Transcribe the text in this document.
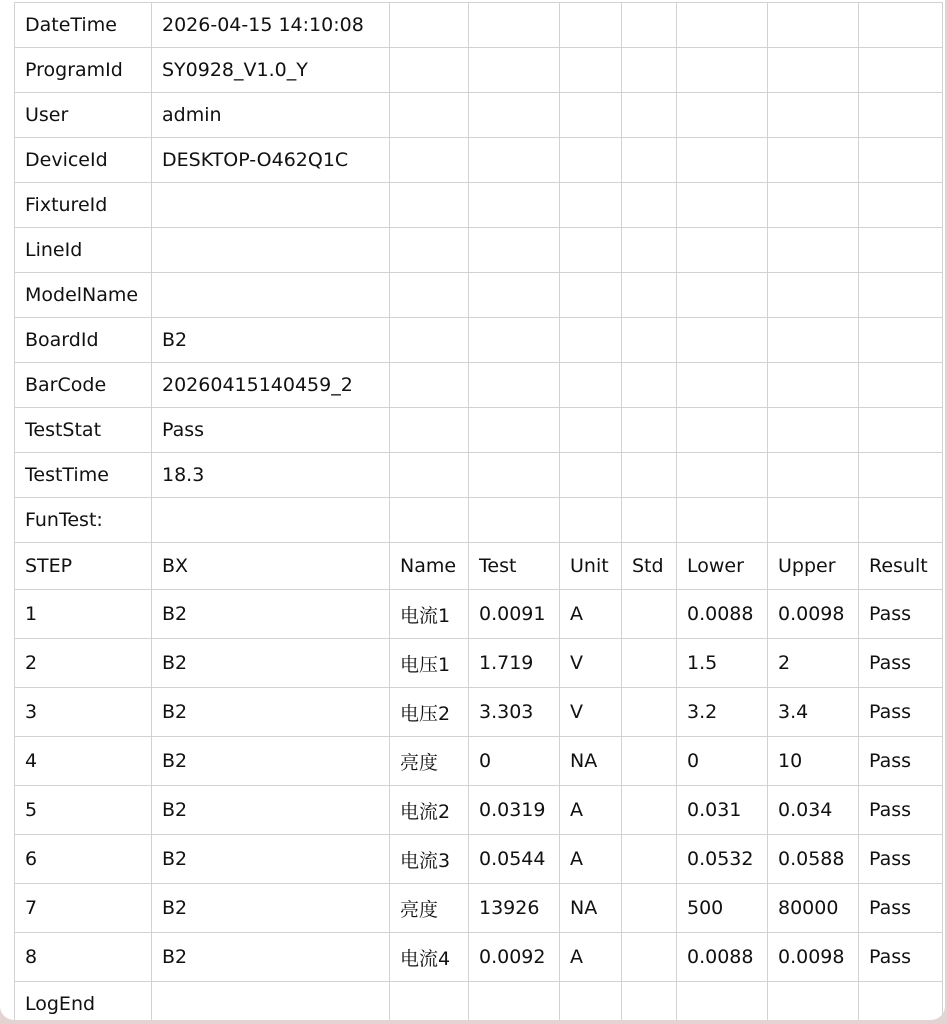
DateTime	2026-04-15 14:10:08							
ProgramId	SY0928_V1.0_Y							
User	admin							
DeviceId	DESKTOP-O462Q1C							
FixtureId								
LineId								
ModelName								
BoardId	B2							
BarCode	20260415140459_2							
TestStat	Pass							
TestTime	18.3							
FunTest:								
STEP	BX	Name	Test	Unit	Std	Lower	Upper	Result
1	B2	电流1	0.0091	A		0.0088	0.0098	Pass
2	B2	电压1	1.719	V		1.5	2	Pass
3	B2	电压2	3.303	V		3.2	3.4	Pass
4	B2	亮度	0	NA		0	10	Pass
5	B2	电流2	0.0319	A		0.031	0.034	Pass
6	B2	电流3	0.0544	A		0.0532	0.0588	Pass
7	B2	亮度	13926	NA		500	80000	Pass
8	B2	电流4	0.0092	A		0.0088	0.0098	Pass
LogEnd								
